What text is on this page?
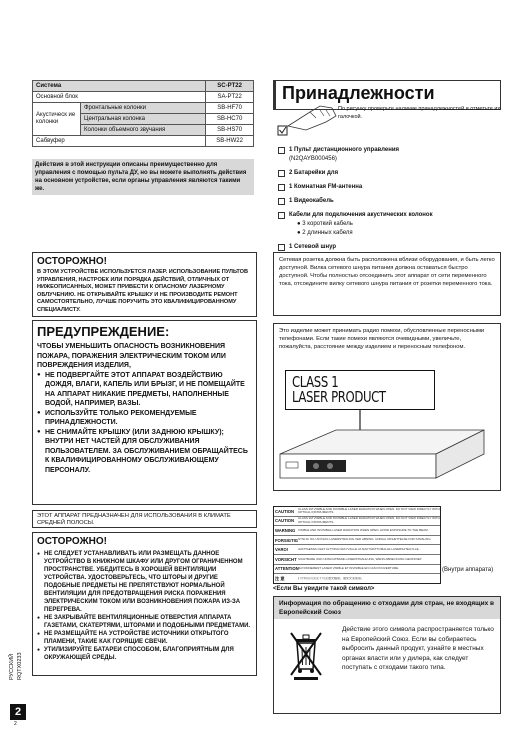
Система		SC-PT22
Основной блок		SA-PT22
Акустическ ие колонки	Фронтальные колонки	SB-HF70
	Центральная колонка	SB-HC70
	Колонки объемного звучания	SB-HS70
Сабвуфер		SB-HW22
Действия в этой инструкции описаны преимущественно для управления с помощью пульта ДУ, но вы можете выполнять действия на основном устройстве, если органы управления являются такими же.
Принадлежности
По рисунку проверьте наличие принадлежностей и отметьте их галочкой.
1 Пульт дистанционного управления
(N2QAYB000456)
2 Батарейки для
1 Комнатная FM-антенна
1 Видеокабель
Кабели для подключения акустических колонок
● 3 короткий кабель
● 2 длинных кабеля
1 Сетевой шнур
ОСТОРОЖНО!
В ЭТОМ УСТРОЙСТВЕ ИСПОЛЬЗУЕТСЯ ЛАЗЕР. ИСПОЛЬЗОВАНИЕ ПУЛЬТОВ УПРАВЛЕНИЯ, НАСТРОЕК ИЛИ ПОРЯДКА ДЕЙСТВИЙ, ОТЛИЧНЫХ ОТ НИЖЕОПИСАННЫХ, МОЖЕТ ПРИВЕСТИ К ОПАСНОМУ ЛАЗЕРНОМУ ОБЛУЧЕНИЮ. НЕ ОТКРЫВАЙТЕ КРЫШКУ И НЕ ПРОИЗВОДИТЕ РЕМОНТ САМОСТОЯТЕЛЬНО, ЛУЧШЕ ПОРУЧИТЬ ЭТО КВАЛИФИЦИРОВАННОМУ СПЕЦИАЛИСТУ.
ПРЕДУПРЕЖДЕНИЕ:
ЧТОБЫ УМЕНЬШИТЬ ОПАСНОСТЬ ВОЗНИКНОВЕНИЯ ПОЖАРА, ПОРАЖЕНИЯ ЭЛЕКТРИЧЕСКИМ ТОКОМ ИЛИ ПОВРЕЖДЕНИЯ ИЗДЕЛИЯ,
● НЕ ПОДВЕРГАЙТЕ ЭТОТ АППАРАТ ВОЗДЕЙСТВИЮ ДОЖДЯ, ВЛАГИ, КАПЕЛЬ ИЛИ БРЫЗГ, И НЕ ПОМЕЩАЙТЕ НА АППАРАТ НИКАКИЕ ПРЕДМЕТЫ, НАПОЛНЕННЫЕ ВОДОЙ, НАПРИМЕР, ВАЗЫ.
● ИСПОЛЬЗУЙТЕ ТОЛЬКО РЕКОМЕНДУЕМЫЕ ПРИНАДЛЕЖНОСТИ.
● НЕ СНИМАЙТЕ КРЫШКУ (ИЛИ ЗАДНЮЮ КРЫШКУ); ВНУТРИ НЕТ ЧАСТЕЙ ДЛЯ ОБСЛУЖИВАНИЯ ПОЛЬЗОВАТЕЛЕМ. ЗА ОБСЛУЖИВАНИЕМ ОБРАЩАЙТЕСЬ К КВАЛИФИЦИРОВАННОМУ ОБСЛУЖИВАЮЩЕМУ ПЕРСОНАЛУ.
ЭТОТ АППАРАТ ПРЕДНАЗНАЧЕН ДЛЯ ИСПОЛЬЗОВАНИЯ В КЛИМАТЕ СРЕДНЕЙ ПОЛОСЫ.
ОСТОРОЖНО!
● НЕ СЛЕДУЕТ УСТАНАВЛИВАТЬ ИЛИ РАЗМЕЩАТЬ ДАННОЕ УСТРОЙСТВО В КНИЖНОМ ШКАФУ ИЛИ ДРУГОМ ОГРАНИЧЕННОМ ПРОСТРАНСТВЕ. УБЕДИТЕСЬ В ХОРОШЕЙ ВЕНТИЛЯЦИИ УСТРОЙСТВА. УДОСТОВЕРЬТЕСЬ, ЧТО ШТОРЫ И ДРУГИЕ ПОДОБНЫЕ ПРЕДМЕТЫ НЕ ПРЕПЯТСТВУЮТ НОРМАЛЬНОЙ ВЕНТИЛЯЦИИ ДЛЯ ПРЕДОТВРАЩЕНИЯ РИСКА ПОРАЖЕНИЯ ЭЛЕКТРИЧЕСКИМ ТОКОМ ИЛИ ВОЗНИКНОВЕНИЯ ПОЖАРА ИЗ-ЗА ПЕРЕГРЕВА.
● НЕ ЗАКРЫВАЙТЕ ВЕНТИЛЯЦИОННЫЕ ОТВЕРСТИЯ АППАРАТА ГАЗЕТАМИ, СКАТЕРТЯМИ, ШТОРАМИ И ПОДОБНЫМИ ПРЕДМЕТАМИ.
● НЕ РАЗМЕЩАЙТЕ НА УСТРОЙСТВЕ ИСТОЧНИКИ ОТКРЫТОГО ПЛАМЕНИ, ТАКИЕ КАК ГОРЯЩИЕ СВЕЧИ.
● УТИЛИЗИРУЙТЕ БАТАРЕИ СПОСОБОМ, БЛАГОПРИЯТНЫМ ДЛЯ ОКРУЖАЮЩЕЙ СРЕДЫ.
РУССКИЙ RQTX0233
2
2
Сетевая розетка должна быть расположена вблизи оборудования, и быть легко доступной. Вилка сетевого шнура питания должна оставаться быстро доступной. Чтобы полностью отсоединить этот аппарат от сети переменного тока, отсоедините вилку сетевого шнура питания от розетки переменного тока.
Это изделие может принимать радио помехи, обусловленные переносными телефонами. Если такие помехи являются очевидными, увеличьте, пожалуйста, расстояние между изделием и переносным телефоном.
CLASS 1
LASER PRODUCT
CAUTION	CLASS 1M VISIBLE AND INVISIBLE LASER RADIATION WHEN OPEN. DO NOT VIEW DIRECTLY WITH OPTICAL INSTRUMENTS.
CAUTION	CLASS 1M VISIBLE AND INVISIBLE LASER RADIATION WHEN OPEN. DO NOT VIEW DIRECTLY WITH OPTICAL INSTRUMENTS.
WARNING VISIBLE AND INVISIBLE LASER RADIATION WHEN OPEN. AVOID EXPOSURE TO THE BEAM.
FORSIGTIG SYNLIG OG USYNLIG LASERSTRÅLING VED ÅBNING. UNDGÅ UDSÆTTELSE FOR STRÅLING.
VARO!	AVATTAESSA OLET ALTTIINA NÄKYVÄLLE JA NÄKYMÄTTÖMÄLLE LASERSÄTEILYLLE.
VORSICHT SICHTBARE UND UNSICHTBARE LASERSTRAHLUNG, WENN ABDECKUNG GEÖFFNET.
ATTENTION RAYONNEMENT LASER VISIBLE ET INVISIBLE EN CAS D'OUVERTURE.
注 意	打开时有可见及不可见激光辐射。避免光束照射。
(Внутри аппарата)
<Если Вы увидите такой символ>
Информация по обращению с отходами для стран, не входящих в Европейский Союз
Действие этого символа распространяется только на Европейский Союз. Если вы собираетесь выбросить данный продукт, узнайте в местных органах власти или у дилера, как следует поступать с отходами такого типа.
